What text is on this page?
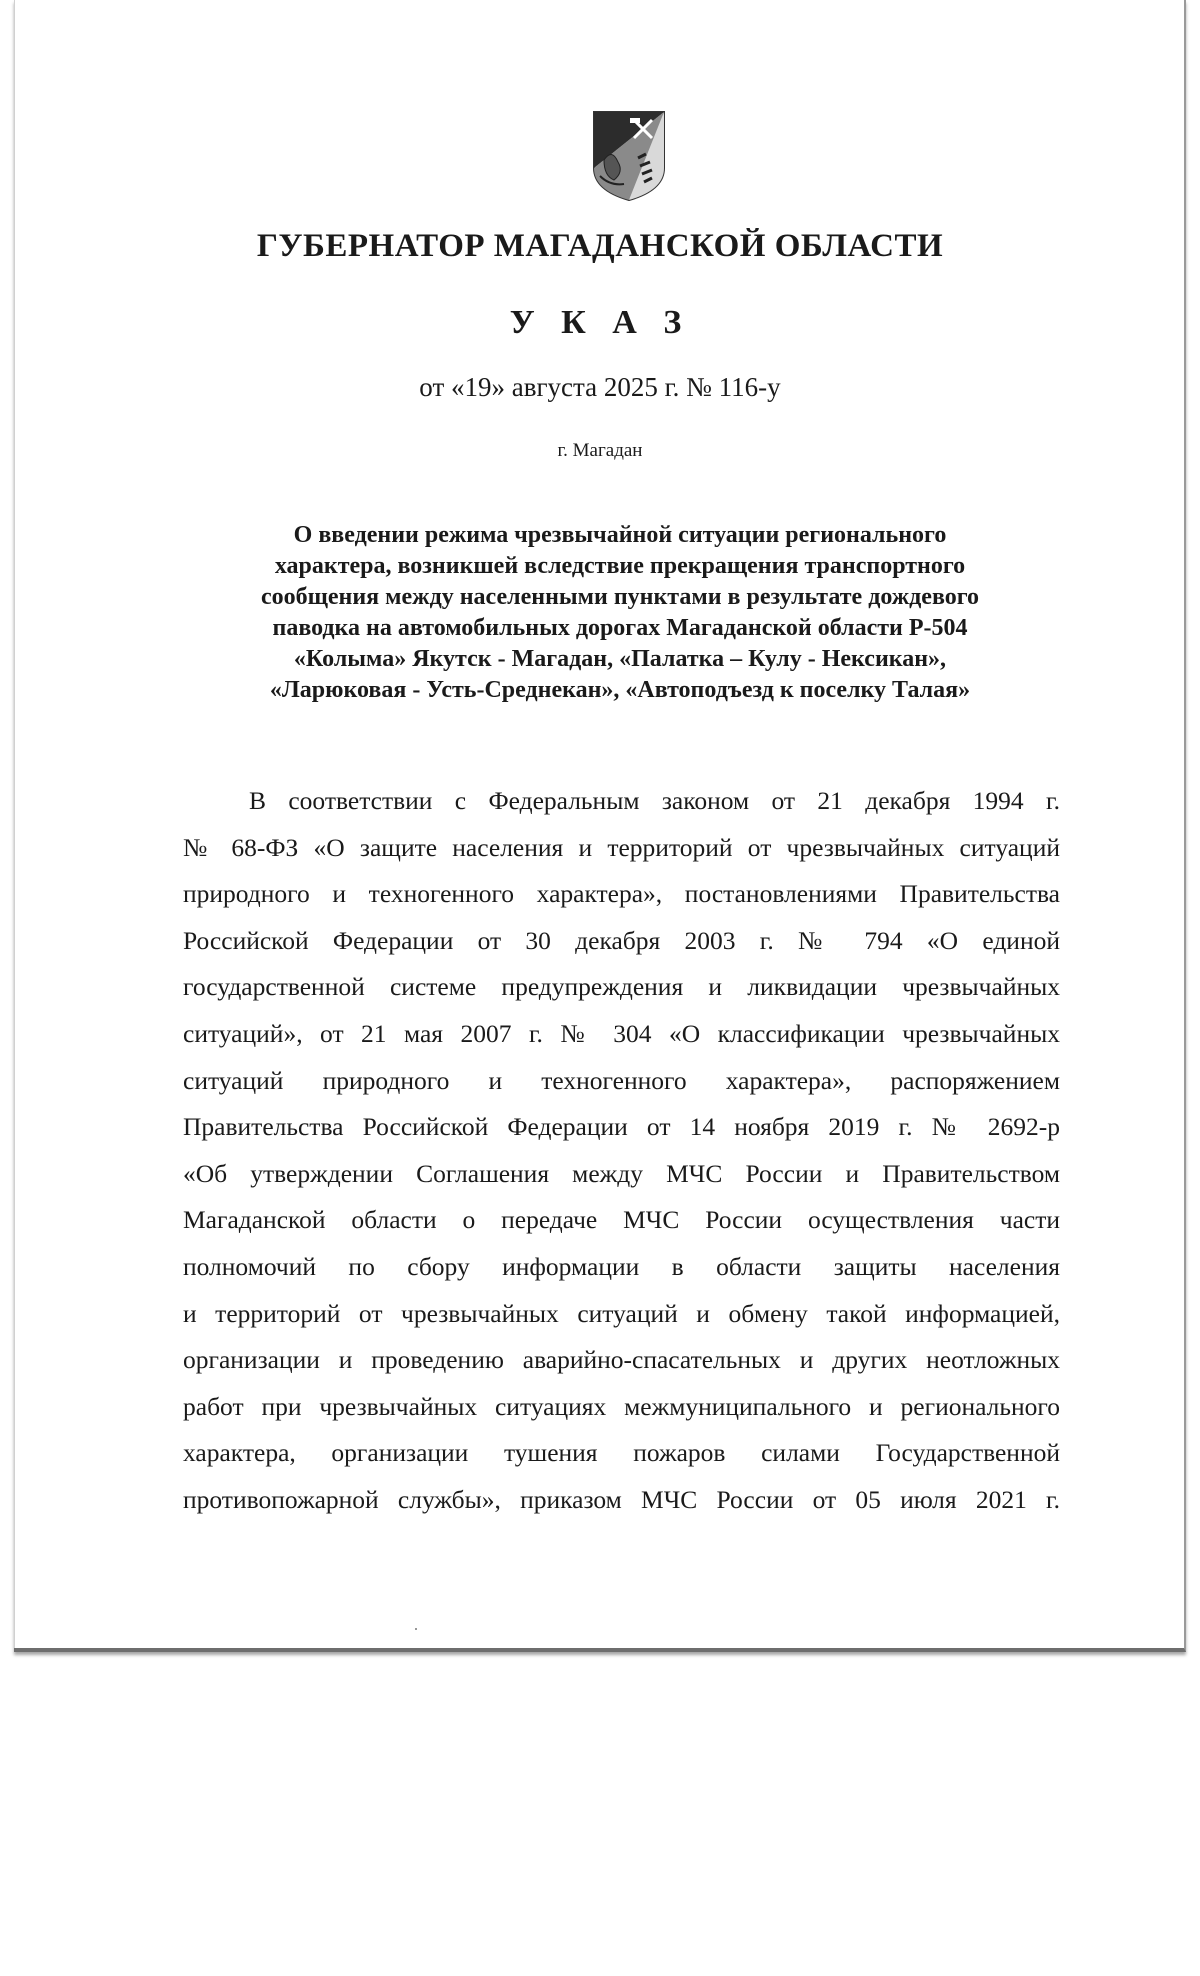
ГУБЕРНАТОР МАГАДАНСКОЙ ОБЛАСТИ
У К А З
от «19» августа 2025 г. № 116-у
г. Магадан
О введении режима чрезвычайной ситуации регионального
характера, возникшей вследствие прекращения транспортного
сообщения между населенными пунктами в результате дождевого
паводка на автомобильных дорогах Магаданской области Р-504
«Колыма» Якутск - Магадан, «Палатка – Кулу - Нексикан»,
«Ларюковая - Усть-Среднекан», «Автоподъезд к поселку Талая»
В соответствии с Федеральным законом от 21 декабря 1994 г.
№ 68-ФЗ «О защите населения и территорий от чрезвычайных ситуаций
природного и техногенного характера», постановлениями Правительства
Российской Федерации от 30 декабря 2003 г. № 794 «О единой
государственной системе предупреждения и ликвидации чрезвычайных
ситуаций», от 21 мая 2007 г. № 304 «О классификации чрезвычайных
ситуаций природного и техногенного характера», распоряжением
Правительства Российской Федерации от 14 ноября 2019 г. № 2692-р
«Об утверждении Соглашения между МЧС России и Правительством
Магаданской области о передаче МЧС России осуществления части
полномочий по сбору информации в области защиты населения
и территорий от чрезвычайных ситуаций и обмену такой информацией,
организации и проведению аварийно-спасательных и других неотложных
работ при чрезвычайных ситуациях межмуниципального и регионального
характера, организации тушения пожаров силами Государственной
противопожарной службы», приказом МЧС России от 05 июля 2021 г.
